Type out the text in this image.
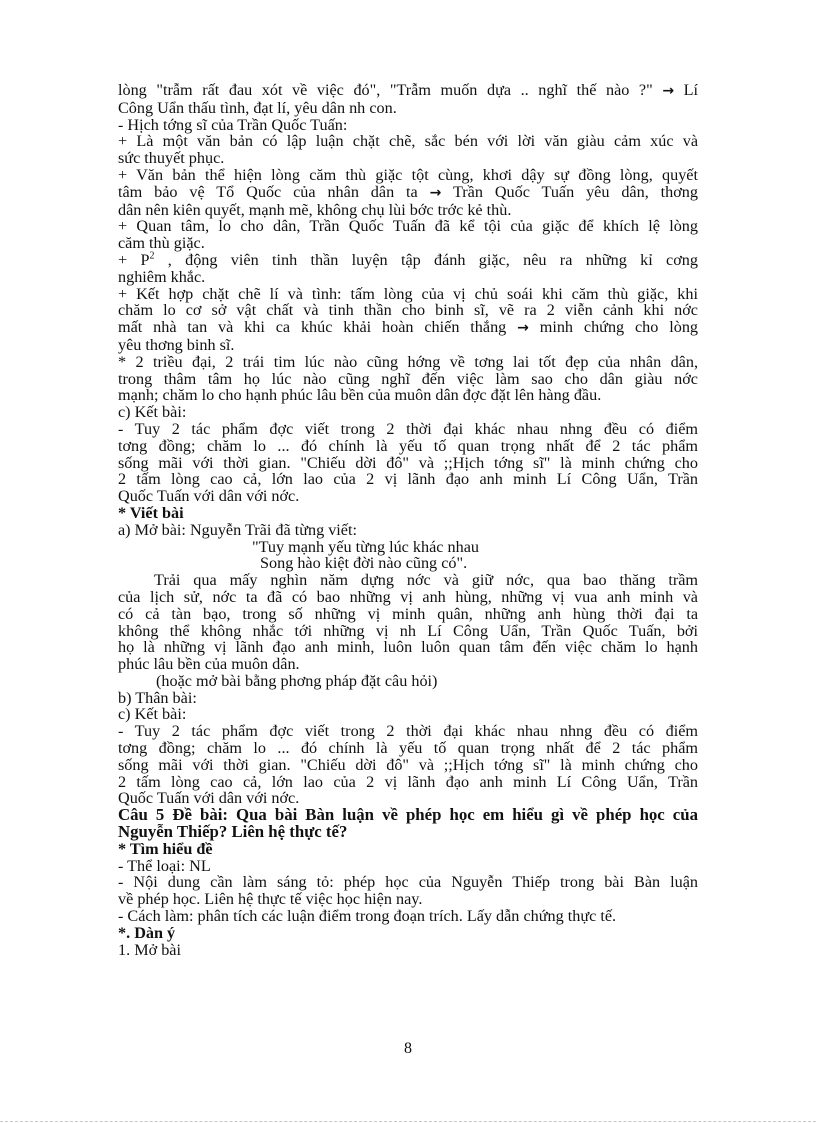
lòng "trẫm rất đau xót về việc đó", "Trẫm muốn dựa .. nghĩ thế nào ?" → Lí
Công Uẩn thấu tình, đạt lí, yêu dân nh con.
- Hịch tớng sĩ của Trần Quốc Tuấn:
+ Là một văn bản có lập luận chặt chẽ, sắc bén với lời văn giàu cảm xúc và
sức thuyết phục.
+ Văn bản thể hiện lòng căm thù giặc tột cùng, khơi dậy sự đồng lòng, quyết
tâm bảo vệ Tổ Quốc của nhân dân ta → Trần Quốc Tuấn yêu dân, thơng
dân nên kiên quyết, mạnh mẽ, không chụ lùi bớc trớc kẻ thù.
+ Quan tâm, lo cho dân, Trần Quốc Tuấn đã kể tội của giặc để khích lệ lòng
căm thù giặc.
+ $P^2$ , động viên tinh thần luyện tập đánh giặc, nêu ra những kỉ cơng
nghiêm khắc.
+ Kết hợp chặt chẽ lí và tình: tấm lòng của vị chủ soái khi căm thù giặc, khi
chăm lo cơ sở vật chất và tinh thần cho binh sĩ, vẽ ra 2 viễn cảnh khi nớc
mất nhà tan và khi ca khúc khải hoàn chiến thắng → minh chứng cho lòng
yêu thơng binh sĩ.
* 2 triều đại, 2 trái tim lúc nào cũng hớng về tơng lai tốt đẹp của nhân dân,
trong thâm tâm họ lúc nào cũng nghĩ đến việc làm sao cho dân giàu nớc
mạnh; chăm lo cho hạnh phúc lâu bền của muôn dân đợc đặt lên hàng đầu.
c) Kết bài:
- Tuy 2 tác phẩm đợc viết trong 2 thời đại khác nhau nhng đều có điểm
tơng đồng; chăm lo ... đó chính là yếu tố quan trọng nhất để 2 tác phẩm
sống mãi với thời gian. "Chiếu dời đô" và ;;Hịch tớng sĩ" là minh chứng cho
2 tấm lòng cao cả, lớn lao của 2 vị lãnh đạo anh minh Lí Công Uẩn, Trần
Quốc Tuấn với dân với nớc.
* Viết bài
a) Mở bài: Nguyễn Trãi đã từng viết:
"Tuy mạnh yếu từng lúc khác nhau
Song hào kiệt đời nào cũng có".
Trải qua mấy nghìn năm dựng nớc và giữ nớc, qua bao thăng trầm
của lịch sử, nớc ta đã có bao những vị anh hùng, những vị vua anh minh và
có cả tàn bạo, trong số những vị minh quân, những anh hùng thời đại ta
không thể không nhắc tới những vị nh Lí Công Uẩn, Trần Quốc Tuấn, bởi
họ là những vị lãnh đạo anh minh, luôn luôn quan tâm đến việc chăm lo hạnh
phúc lâu bền của muôn dân.
(hoặc mở bài bằng phơng pháp đặt câu hỏi)
b) Thân bài:
c) Kết bài:
- Tuy 2 tác phẩm đợc viết trong 2 thời đại khác nhau nhng đều có điểm
tơng đồng; chăm lo ... đó chính là yếu tố quan trọng nhất để 2 tác phẩm
sống mãi với thời gian. "Chiếu dời đô" và ;;Hịch tớng sĩ" là minh chứng cho
2 tấm lòng cao cả, lớn lao của 2 vị lãnh đạo anh minh Lí Công Uẩn, Trần
Quốc Tuấn với dân với nớc.
Câu 5 Đề bài: Qua bài Bàn luận về phép học em hiểu gì về phép học của
Nguyễn Thiếp? Liên hệ thực tế?
* Tìm hiểu đề
- Thể loại: NL
- Nội dung cần làm sáng tỏ: phép học của Nguyễn Thiếp trong bài Bàn luận
về phép học. Liên hệ thực tế việc học hiện nay.
- Cách làm: phân tích các luận điểm trong đoạn trích. Lấy dẫn chứng thực tế.
*. Dàn ý
1. Mở bài
8
